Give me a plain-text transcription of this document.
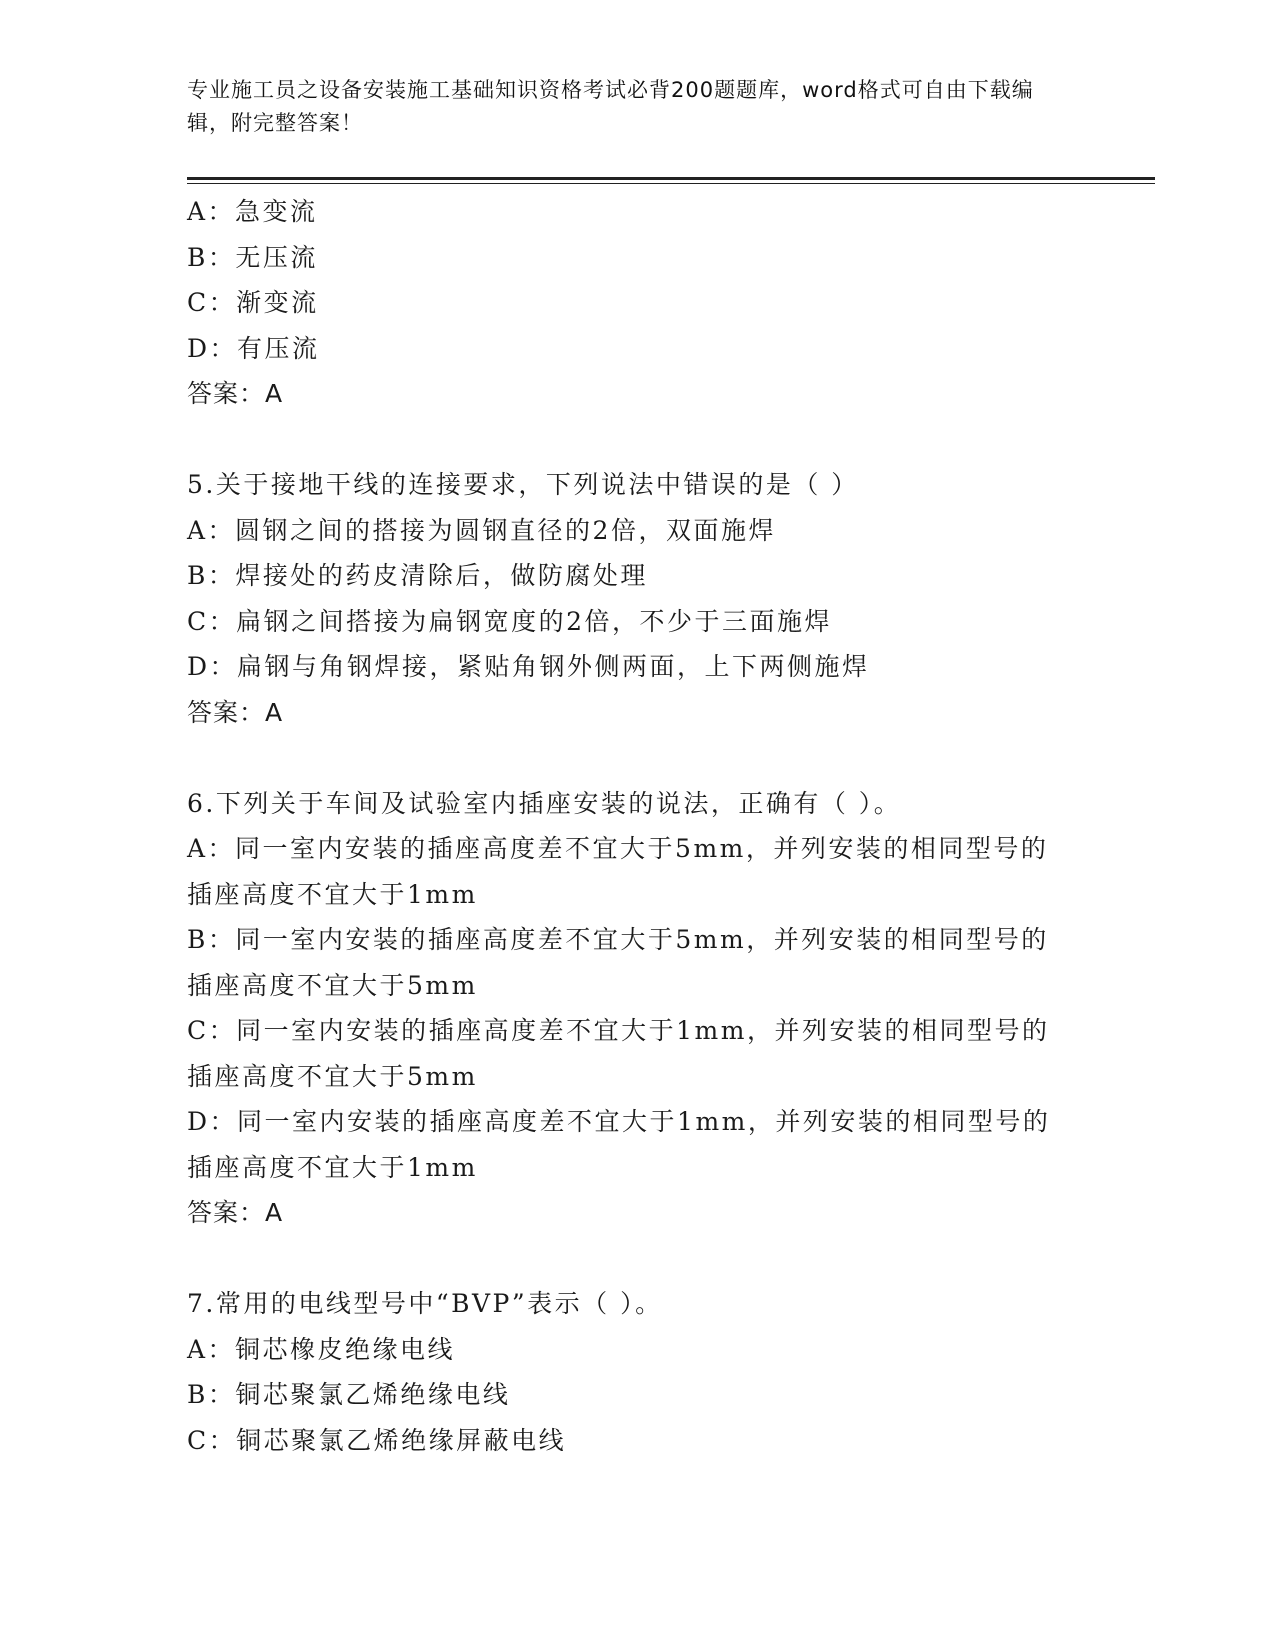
专业施工员之设备安装施工基础知识资格考试必背200题题库，word格式可自由下载编辑，附完整答案！
A：急变流
B：无压流
C：渐变流
D：有压流
答案：A
5.关于接地干线的连接要求，下列说法中错误的是（ ）
A：圆钢之间的搭接为圆钢直径的2倍，双面施焊
B：焊接处的药皮清除后，做防腐处理
C：扁钢之间搭接为扁钢宽度的2倍，不少于三面施焊
D：扁钢与角钢焊接，紧贴角钢外侧两面，上下两侧施焊
答案：A
6.下列关于车间及试验室内插座安装的说法，正确有（ ）。
A：同一室内安装的插座高度差不宜大于5mm，并列安装的相同型号的插座高度不宜大于1mm
B：同一室内安装的插座高度差不宜大于5mm，并列安装的相同型号的插座高度不宜大于5mm
C：同一室内安装的插座高度差不宜大于1mm，并列安装的相同型号的插座高度不宜大于5mm
D：同一室内安装的插座高度差不宜大于1mm，并列安装的相同型号的插座高度不宜大于1mm
答案：A
7.常用的电线型号中“BVP”表示（ ）。
A：铜芯橡皮绝缘电线
B：铜芯聚氯乙烯绝缘电线
C：铜芯聚氯乙烯绝缘屏蔽电线
